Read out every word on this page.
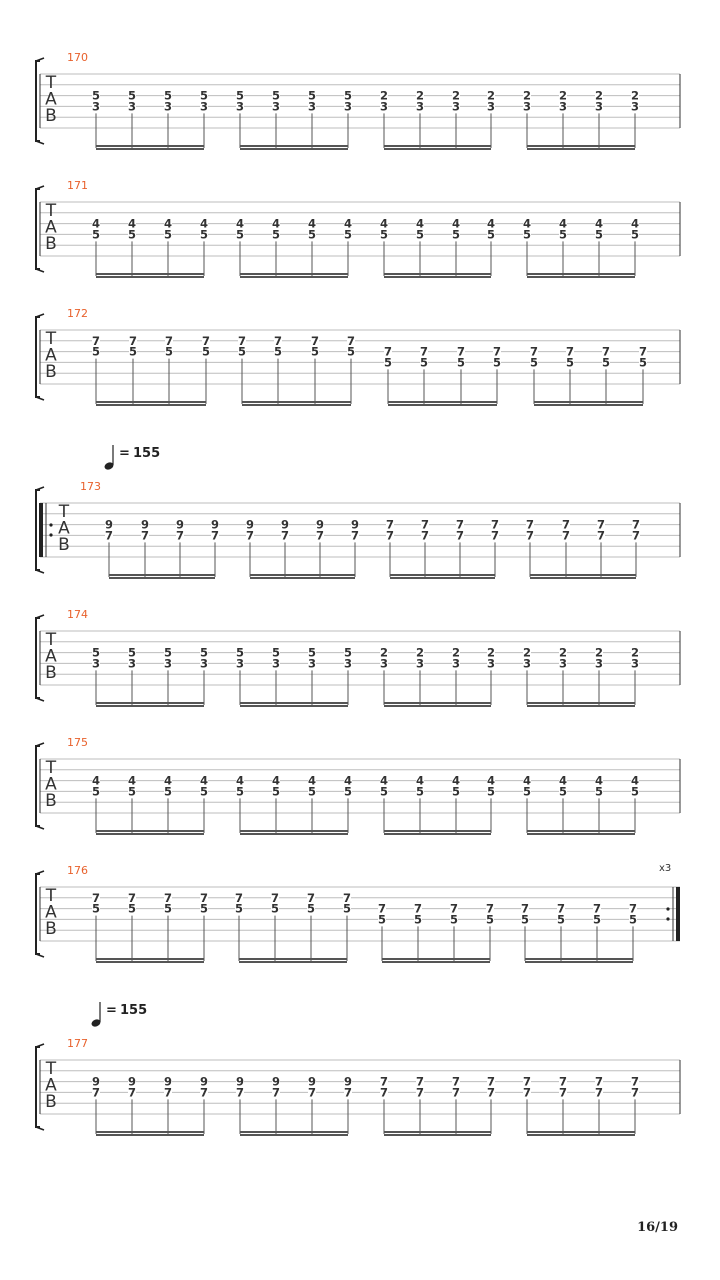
T
A
B
170
5
3
5
3
5
3
5
3
5
3
5
3
5
3
5
3
2
3
2
3
2
3
2
3
2
3
2
3
2
3
2
3
T
A
B
171
4
5
4
5
4
5
4
5
4
5
4
5
4
5
4
5
4
5
4
5
4
5
4
5
4
5
4
5
4
5
4
5
T
A
B
172
7
5
7
5
7
5
7
5
7
5
7
5
7
5
7
5	7
5
7
5
7
5
7
5
7
5
7
5
7
5
7
5
T
A
B
173
= 155
9
7
9
7
9
7
9
7
9
7
9
7
9
7
9
7
7
7
7
7
7
7
7
7
7
7
7
7
7
7
7
7
T
A
B
174
5
3
5
3
5
3
5
3
5
3
5
3
5
3
5
3
2
3
2
3
2
3
2
3
2
3
2
3
2
3
2
3
T
A
B
175
4
5
4
5
4
5
4
5
4
5
4
5
4
5
4
5
4
5
4
5
4
5
4
5
4
5
4
5
4
5
4
5
x3
T
A
B
176
7
5
7
5
7
5
7
5
7
5
7
5
7
5
7
5 7
5
7
5
7
5
7
5
7
5
7
5
7
5
7
5
T
A
B
177
= 155
9
7
9
7
9
7
9
7
9
7
9
7
9
7
9
7
7
7
7
7
7
7
7
7
7
7
7
7
7
7
7
7
16/19
